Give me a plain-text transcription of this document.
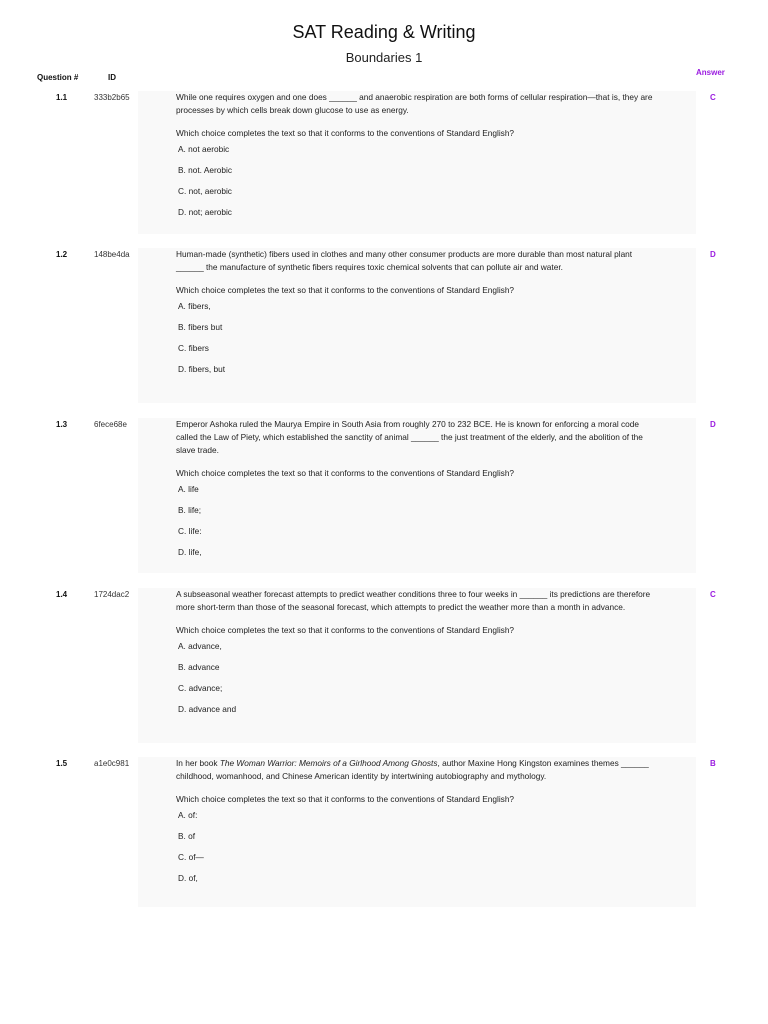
SAT Reading & Writing
Boundaries 1
Question #	ID
Answer
1.1	333b2b65	C

While one requires oxygen and one does ______ and anaerobic respiration are both forms of cellular respiration—that is, they are processes by which cells break down glucose to use as energy.

Which choice completes the text so that it conforms to the conventions of Standard English?

A. not aerobic
B. not. Aerobic
C. not, aerobic
D. not; aerobic
1.2	148be4da	D

Human-made (synthetic) fibers used in clothes and many other consumer products are more durable than most natural plant ______ the manufacture of synthetic fibers requires toxic chemical solvents that can pollute air and water.

Which choice completes the text so that it conforms to the conventions of Standard English?

A. fibers,
B. fibers but
C. fibers
D. fibers, but
1.3	6fece68e	D

Emperor Ashoka ruled the Maurya Empire in South Asia from roughly 270 to 232 BCE. He is known for enforcing a moral code called the Law of Piety, which established the sanctity of animal ______ the just treatment of the elderly, and the abolition of the slave trade.

Which choice completes the text so that it conforms to the conventions of Standard English?

A. life
B. life;
C. life:
D. life,
1.4	1724dac2	C

A subseasonal weather forecast attempts to predict weather conditions three to four weeks in ______ its predictions are therefore more short-term than those of the seasonal forecast, which attempts to predict the weather more than a month in advance.

Which choice completes the text so that it conforms to the conventions of Standard English?

A. advance,
B. advance
C. advance;
D. advance and
1.5	a1e0c981	B

In her book The Woman Warrior: Memoirs of a Girlhood Among Ghosts, author Maxine Hong Kingston examines themes ______ childhood, womanhood, and Chinese American identity by intertwining autobiography and mythology.

Which choice completes the text so that it conforms to the conventions of Standard English?

A. of:
B. of
C. of—
D. of,
